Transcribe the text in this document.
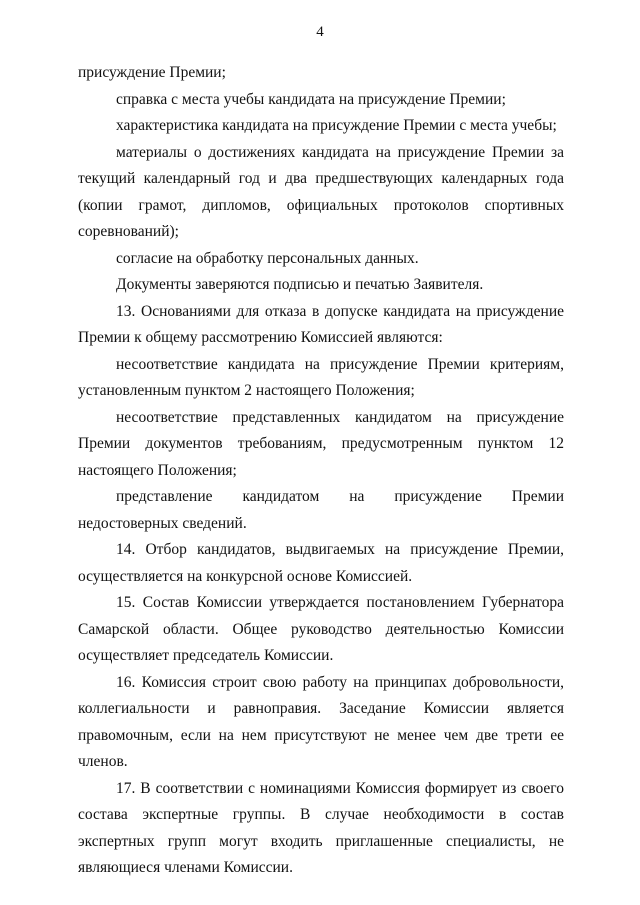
4

присуждение Премии;

справка с места учебы кандидата на присуждение Премии;

характеристика кандидата на присуждение Премии с места учебы;

материалы о достижениях кандидата на присуждение Премии за текущий календарный год и два предшествующих календарных года (копии грамот, дипломов, официальных протоколов спортивных соревнований);

согласие на обработку персональных данных.

Документы заверяются подписью и печатью Заявителя.

13. Основаниями для отказа в допуске кандидата на присуждение Премии к общему рассмотрению Комиссией являются:

несоответствие кандидата на присуждение Премии критериям, установленным пунктом 2 настоящего Положения;

несоответствие представленных кандидатом на присуждение Премии документов требованиям, предусмотренным пунктом 12 настоящего Положения;

представление кандидатом на присуждение Премии недостоверных сведений.

14. Отбор кандидатов, выдвигаемых на присуждение Премии, осуществляется на конкурсной основе Комиссией.

15. Состав Комиссии утверждается постановлением Губернатора Самарской области. Общее руководство деятельностью Комиссии осуществляет председатель Комиссии.

16. Комиссия строит свою работу на принципах добровольности, коллегиальности и равноправия. Заседание Комиссии является правомочным, если на нем присутствуют не менее чем две трети ее членов.

17. В соответствии с номинациями Комиссия формирует из своего состава экспертные группы. В случае необходимости в состав экспертных групп могут входить приглашенные специалисты, не являющиеся членами Комиссии.
